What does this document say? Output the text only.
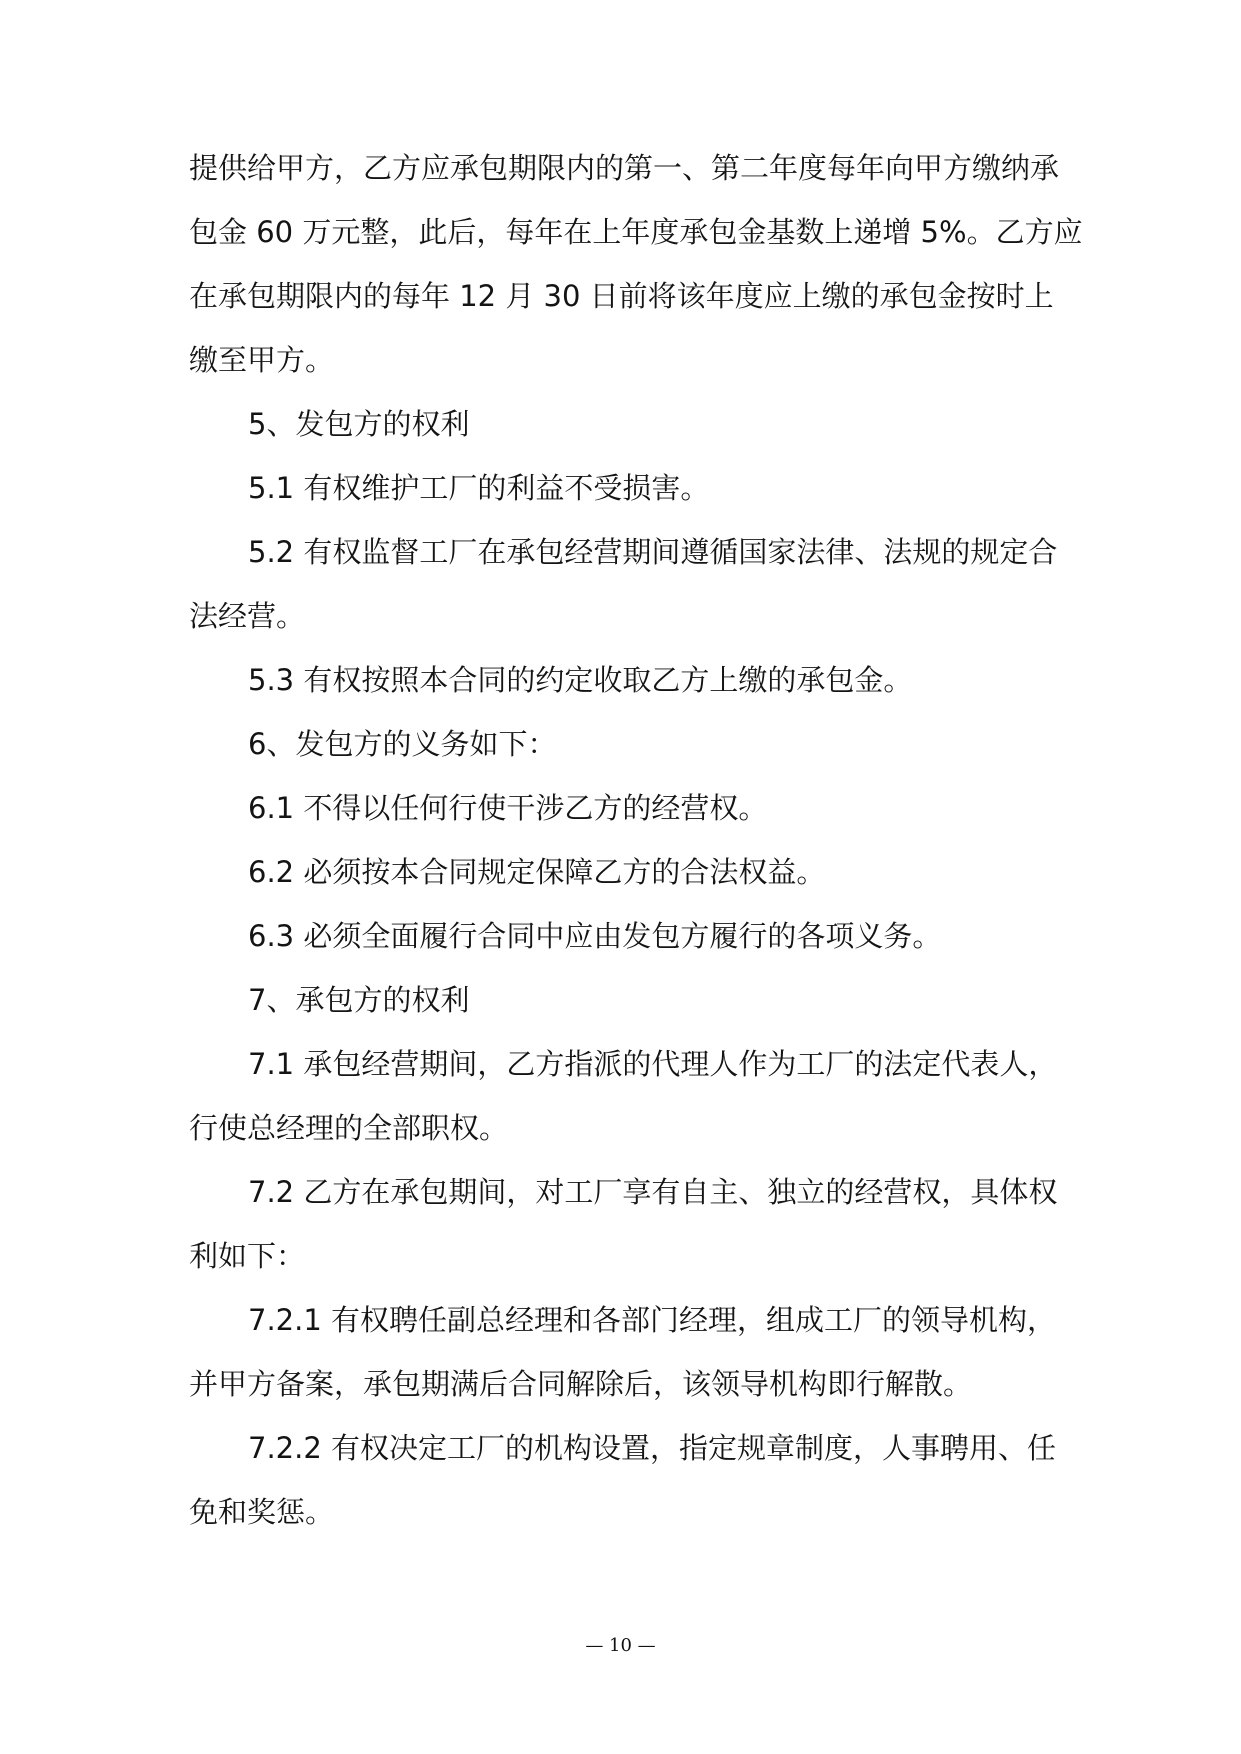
提供给甲方，乙方应承包期限内的第一、第二年度每年向甲方缴纳承
包金 60 万元整，此后，每年在上年度承包金基数上递增 5%。乙方应
在承包期限内的每年 12 月 30 日前将该年度应上缴的承包金按时上
缴至甲方。
5、发包方的权利
5.1 有权维护工厂的利益不受损害。
5.2 有权监督工厂在承包经营期间遵循国家法律、法规的规定合
法经营。
5.3 有权按照本合同的约定收取乙方上缴的承包金。
6、发包方的义务如下：
6.1 不得以任何行使干涉乙方的经营权。
6.2 必须按本合同规定保障乙方的合法权益。
6.3 必须全面履行合同中应由发包方履行的各项义务。
7、承包方的权利
7.1 承包经营期间，乙方指派的代理人作为工厂的法定代表人，
行使总经理的全部职权。
7.2 乙方在承包期间，对工厂享有自主、独立的经营权，具体权
利如下：
7.2.1 有权聘任副总经理和各部门经理，组成工厂的领导机构，
并甲方备案，承包期满后合同解除后，该领导机构即行解散。
7.2.2 有权决定工厂的机构设置，指定规章制度，人事聘用、任
免和奖惩。
— 10 —
